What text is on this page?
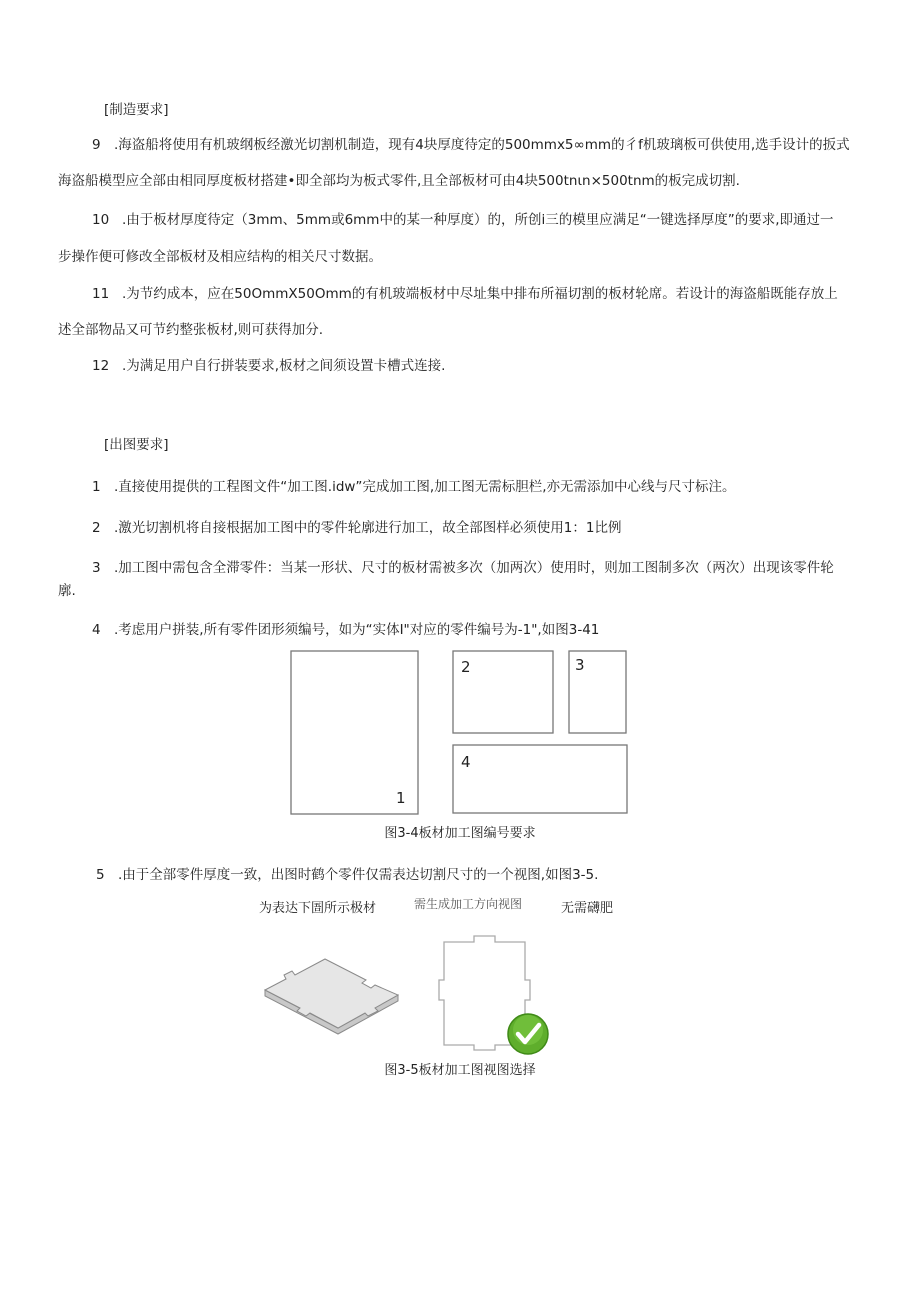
[制造要求]
9 .海盗船将使用有机玻纲板经激光切割机制造，现有4块厚度待定的500mmx5∞mm的彳f机玻璃板可供使用,选手设计的扳式
海盗船模型应全部由相同厚度板材搭建•即全部均为板式零件,且全部板材可由4块500tnιn×500tnm的板完成切割.
10 .由于板材厚度待定（3mm、5mm或6mm中的某一种厚度）的，所创i三的模里应满足“一键选择厚度”的要求,即通过一
步操作便可修改全部板材及相应结构的相关尺寸数据。
11 .为节约成本，应在50OmmX50Omm的有机玻端板材中尽址集中排布所福切割的板材轮席。若设计的海盗船既能存放上
述全部物品又可节约整张板材,则可获得加分.
12 .为满足用户自行拼装要求,板材之间须设置卡槽式连接.
[出图要求]
1 .直接使用提供的工程图文件“加工图.idw”完成加工图,加工图无需标胆栏,亦无需添加中心线与尺寸标注。
2 .激光切割机将自接根据加工图中的零件轮廓进行加工，故全部图样必须使用1：1比例
3 .加工图中需包含全滞零件：当某一形状、尺寸的板材需被多次（加两次）使用时，则加工图制多次（两次）出现该零件轮
廓.
4 .考虑用户拼装,所有零件团形须编号，如为“实体I"对应的零件编号为-1",如图3-41
1
2	3
4
图3-4板材加工图编号要求
5 .由于全部零件厚度一致，出图时鹤个零件仅需表达切割尺寸的一个视图,如图3-5.
为表达下圄所示极材	需生成加工方向视图	无需礴肥
图3-5板材加工图视图选择
